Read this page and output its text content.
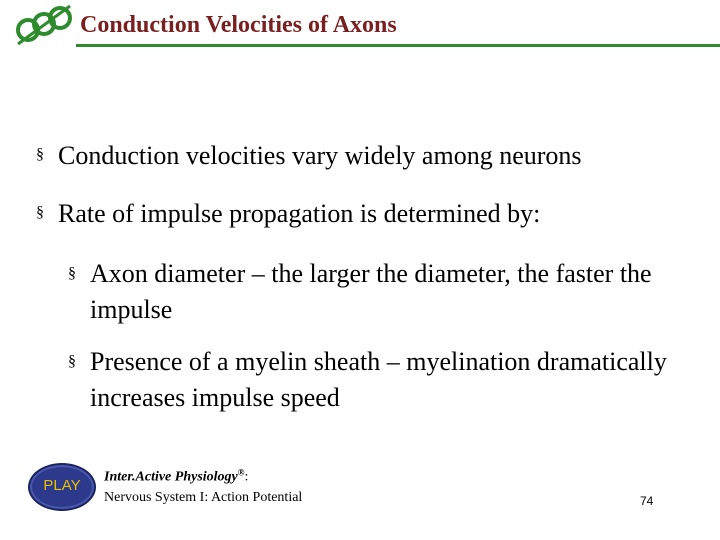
Conduction Velocities of Axons
§ Conduction velocities vary widely among neurons
§ Rate of impulse propagation is determined by:
§ Axon diameter – the larger the diameter, the faster the impulse
§ Presence of a myelin sheath – myelination dramatically increases impulse speed
PLAY	Inter.Active Physiology®:
Nervous System I: Action Potential	74
